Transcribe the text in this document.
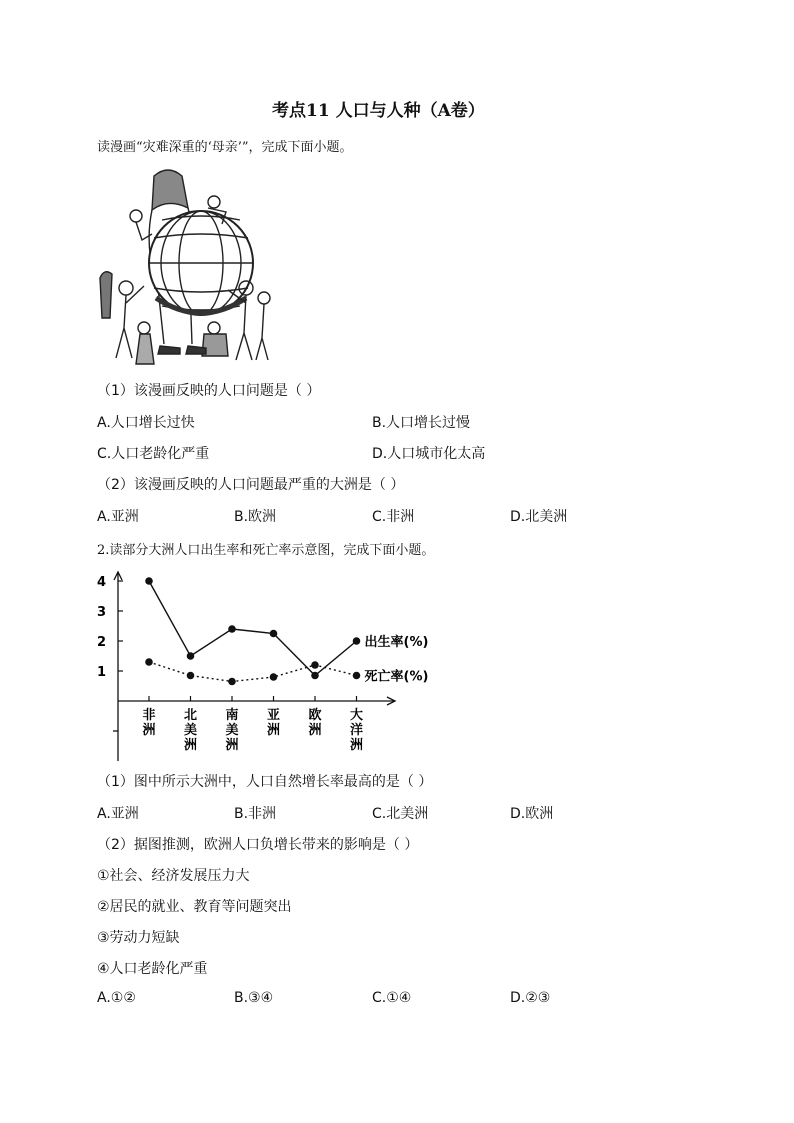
考点11 人口与人种（A卷）
读漫画“灾难深重的‘母亲’”，完成下面小题。
（1）该漫画反映的人口问题是（ ）
A.人口增长过快	B.人口增长过慢
C.人口老龄化严重	D.人口城市化太高
（2）该漫画反映的人口问题最严重的大洲是（ ）
A.亚洲	B.欧洲	C.非洲	D.北美洲
2.读部分大洲人口出生率和死亡率示意图，完成下面小题。
1
2
3
4
非
洲
北
美
洲
南
美
洲
亚
洲
欧
洲
大
洋
洲
出生率(%)
死亡率(%)
（1）图中所示大洲中，人口自然增长率最高的是（ ）
A.亚洲	B.非洲	C.北美洲	D.欧洲
（2）据图推测，欧洲人口负增长带来的影响是（ ）
①社会、经济发展压力大
②居民的就业、教育等问题突出
③劳动力短缺
④人口老龄化严重
A.①②	B.③④	C.①④	D.②③
